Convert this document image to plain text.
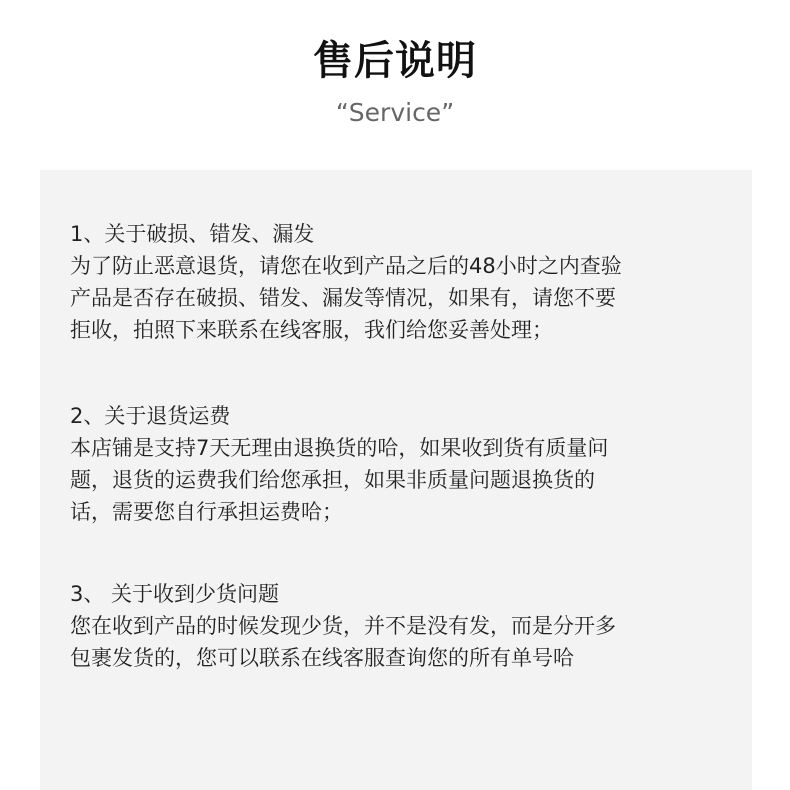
售后说明
“Service”
1、关于破损、错发、漏发
为了防止恶意退货，请您在收到产品之后的48小时之内查验
产品是否存在破损、错发、漏发等情况，如果有，请您不要
拒收，拍照下来联系在线客服，我们给您妥善处理；
2、关于退货运费
本店铺是支持7天无理由退换货的哈，如果收到货有质量问
题，退货的运费我们给您承担，如果非质量问题退换货的
话，需要您自行承担运费哈；
3、 关于收到少货问题
您在收到产品的时候发现少货，并不是没有发，而是分开多
包裹发货的，您可以联系在线客服查询您的所有单号哈
